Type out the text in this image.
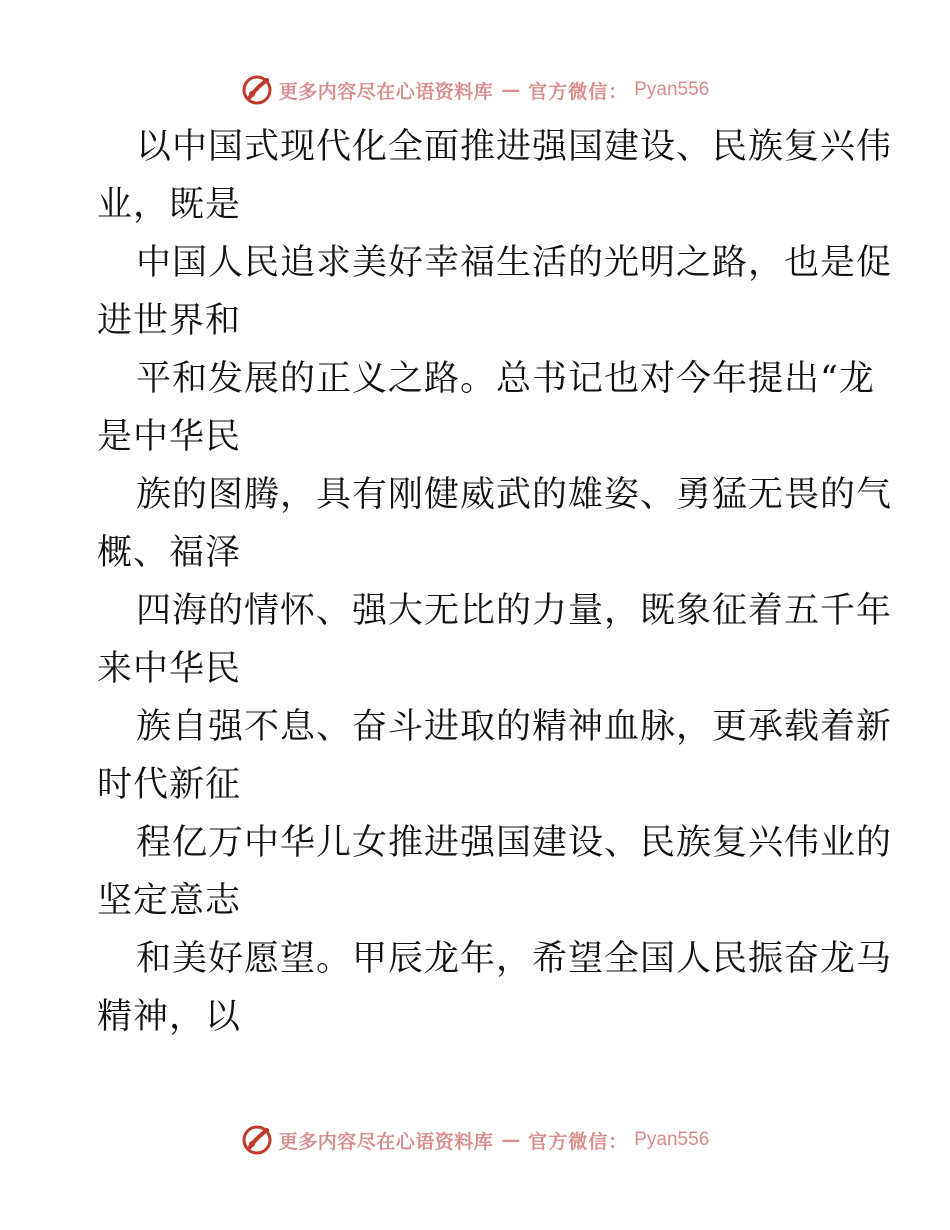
更多内容尽在心语资料库 — 官方微信： Pyan556
以中国式现代化全面推进强国建设、民族复兴伟
业，既是
中国人民追求美好幸福生活的光明之路，也是促
进世界和
平和发展的正义之路。总书记也对今年提出“龙
是中华民
族的图腾，具有刚健威武的雄姿、勇猛无畏的气
概、福泽
四海的情怀、强大无比的力量，既象征着五千年
来中华民
族自强不息、奋斗进取的精神血脉，更承载着新
时代新征
程亿万中华儿女推进强国建设、民族复兴伟业的
坚定意志
和美好愿望。甲辰龙年，希望全国人民振奋龙马
精神，以
更多内容尽在心语资料库 — 官方微信： Pyan556
